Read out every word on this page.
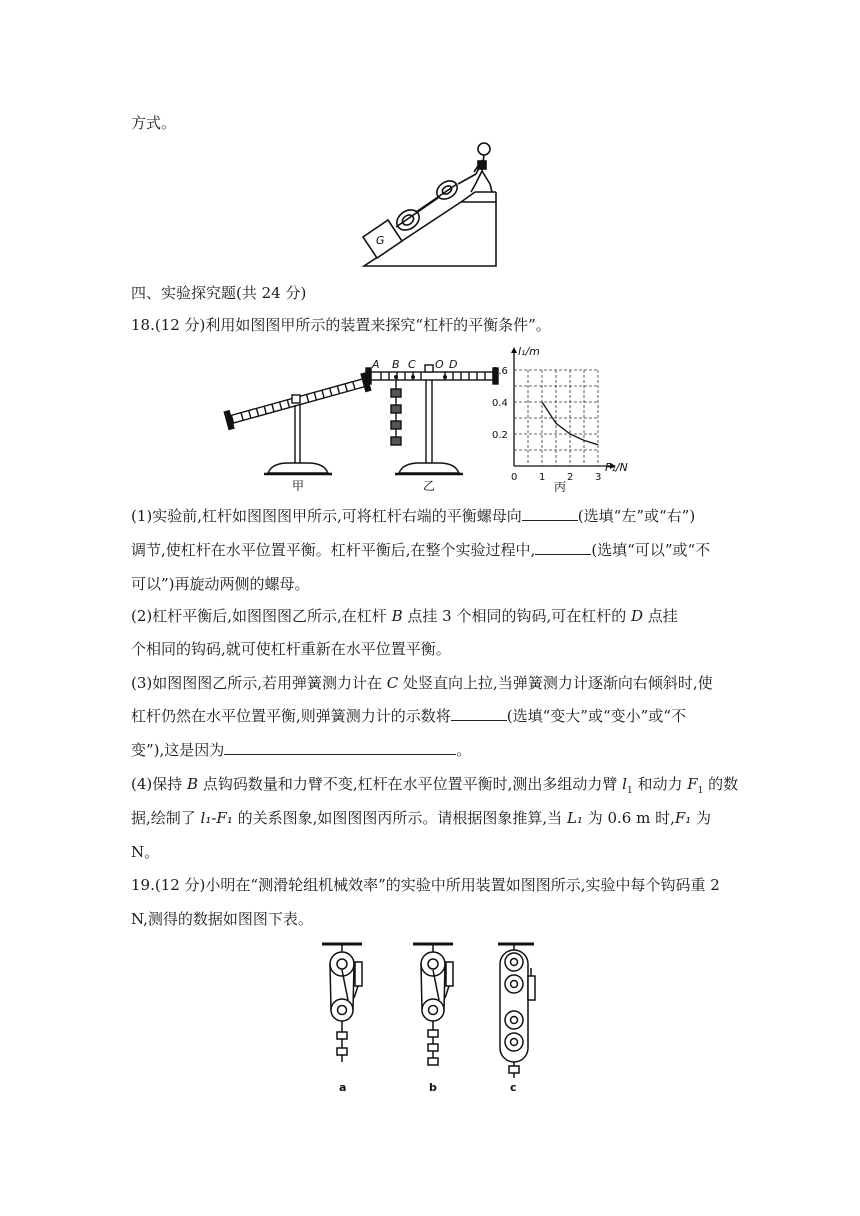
方式。
G
四、实验探究题(共 24 分)
18.(12 分)利用如图图甲所示的装置来探究“杠杆的平衡条件”。
甲
A B C O D
乙
0 1 2 3
0.2
0.4
0.6
l₁/m
F₁/N
丙
(1)实验前,杠杆如图图图甲所示,可将杠杆右端的平衡螺母向	(选填“左”或“右”)
调节,使杠杆在水平位置平衡。杠杆平衡后,在整个实验过程中,	(选填“可以”或“不
可以”)再旋动两侧的螺母。
(2)杠杆平衡后,如图图图乙所示,在杠杆 B 点挂 3 个相同的钩码,可在杠杆的 D 点挂
个相同的钩码,就可使杠杆重新在水平位置平衡。
(3)如图图图乙所示,若用弹簧测力计在 C 处竖直向上拉,当弹簧测力计逐渐向右倾斜时,使
杠杆仍然在水平位置平衡,则弹簧测力计的示数将	(选填“变大”或“变小”或“不
变”),这是因为	。
(4)保持 B 点钩码数量和力臂不变,杠杆在水平位置平衡时,测出多组动力臂 $l_1$ 和动力 $F_1$ 的数
据,绘制了 l₁-F₁ 的关系图象,如图图图丙所示。请根据图象推算,当 L₁ 为 0.6 m 时,F₁ 为
N。
19.(12 分)小明在“测滑轮组机械效率”的实验中所用装置如图图所示,实验中每个钩码重 2
N,测得的数据如图图下表。
a	b	c
